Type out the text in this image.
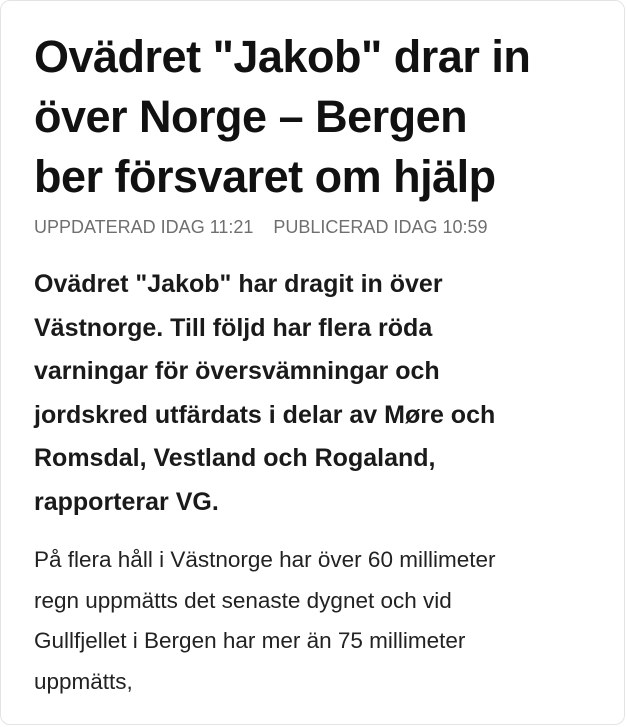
Ovädret "Jakob" drar in
över Norge – Bergen
ber försvaret om hjälp
UPPDATERAD IDAG 11:21 PUBLICERAD IDAG 10:59

Ovädret "Jakob" har dragit in över
Västnorge. Till följd har flera röda
varningar för översvämningar och
jordskred utfärdats i delar av Møre och
Romsdal, Vestland och Rogaland,
rapporterar VG.

På flera håll i Västnorge har över 60 millimeter
regn uppmätts det senaste dygnet och vid
Gullfjellet i Bergen har mer än 75 millimeter
uppmätts,
